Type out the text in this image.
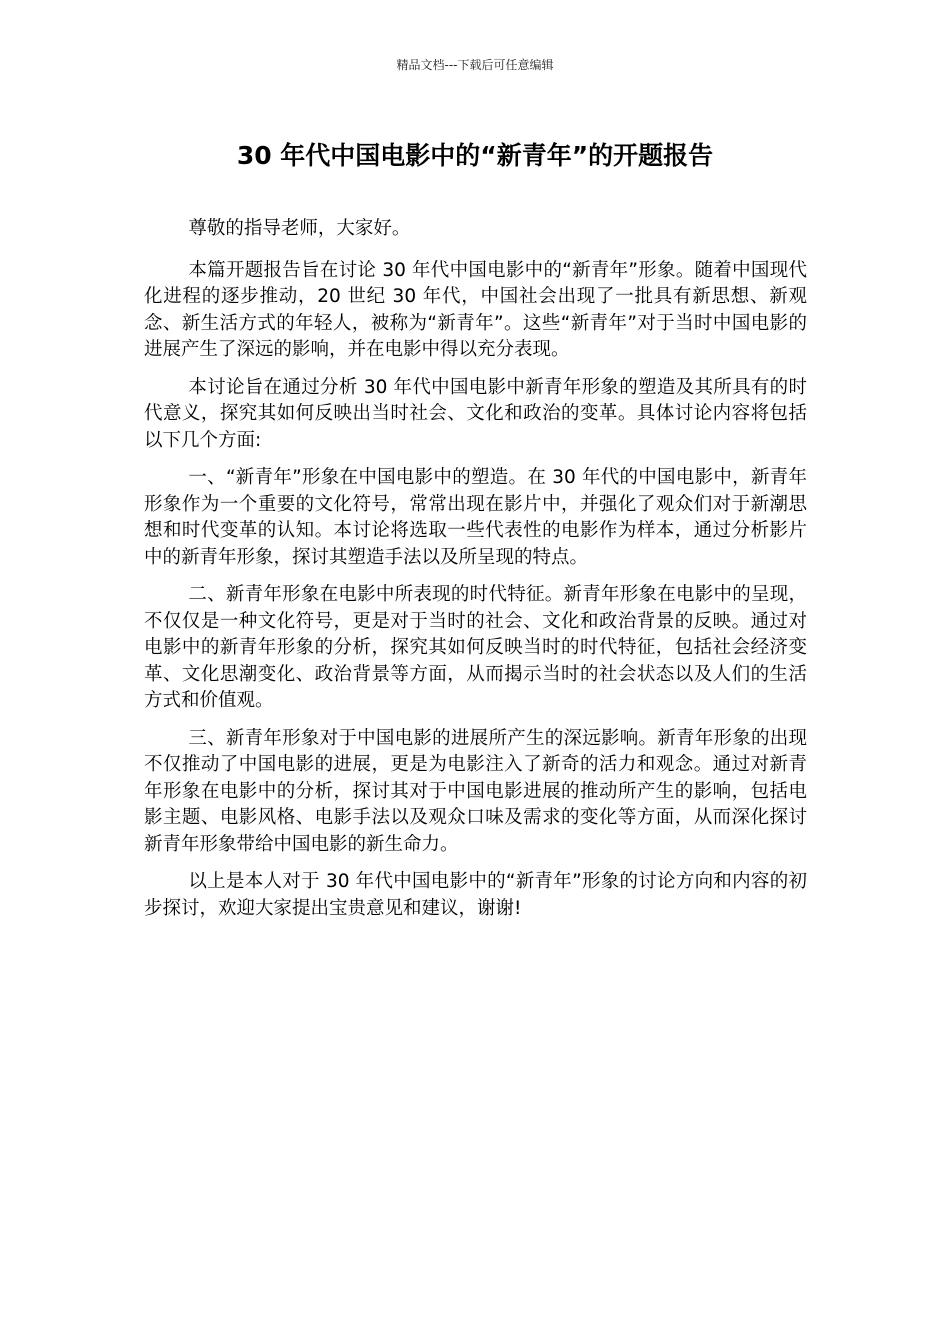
精品文档---下载后可任意编辑
30 年代中国电影中的“新青年”的开题报告

尊敬的指导老师，大家好。

本篇开题报告旨在讨论 30 年代中国电影中的“新青年”形象。随着中国现代化进程的逐步推动，20 世纪 30 年代，中国社会出现了一批具有新思想、新观念、新生活方式的年轻人，被称为“新青年”。这些“新青年”对于当时中国电影的进展产生了深远的影响，并在电影中得以充分表现。

本讨论旨在通过分析 30 年代中国电影中新青年形象的塑造及其所具有的时代意义，探究其如何反映出当时社会、文化和政治的变革。具体讨论内容将包括以下几个方面:

一、“新青年”形象在中国电影中的塑造。在 30 年代的中国电影中，新青年形象作为一个重要的文化符号，常常出现在影片中，并强化了观众们对于新潮思想和时代变革的认知。本讨论将选取一些代表性的电影作为样本，通过分析影片中的新青年形象，探讨其塑造手法以及所呈现的特点。

二、新青年形象在电影中所表现的时代特征。新青年形象在电影中的呈现，不仅仅是一种文化符号，更是对于当时的社会、文化和政治背景的反映。通过对电影中的新青年形象的分析，探究其如何反映当时的时代特征，包括社会经济变革、文化思潮变化、政治背景等方面，从而揭示当时的社会状态以及人们的生活方式和价值观。

三、新青年形象对于中国电影的进展所产生的深远影响。新青年形象的出现不仅推动了中国电影的进展，更是为电影注入了新奇的活力和观念。通过对新青年形象在电影中的分析，探讨其对于中国电影进展的推动所产生的影响，包括电影主题、电影风格、电影手法以及观众口味及需求的变化等方面，从而深化探讨新青年形象带给中国电影的新生命力。

以上是本人对于 30 年代中国电影中的“新青年”形象的讨论方向和内容的初步探讨，欢迎大家提出宝贵意见和建议，谢谢!
